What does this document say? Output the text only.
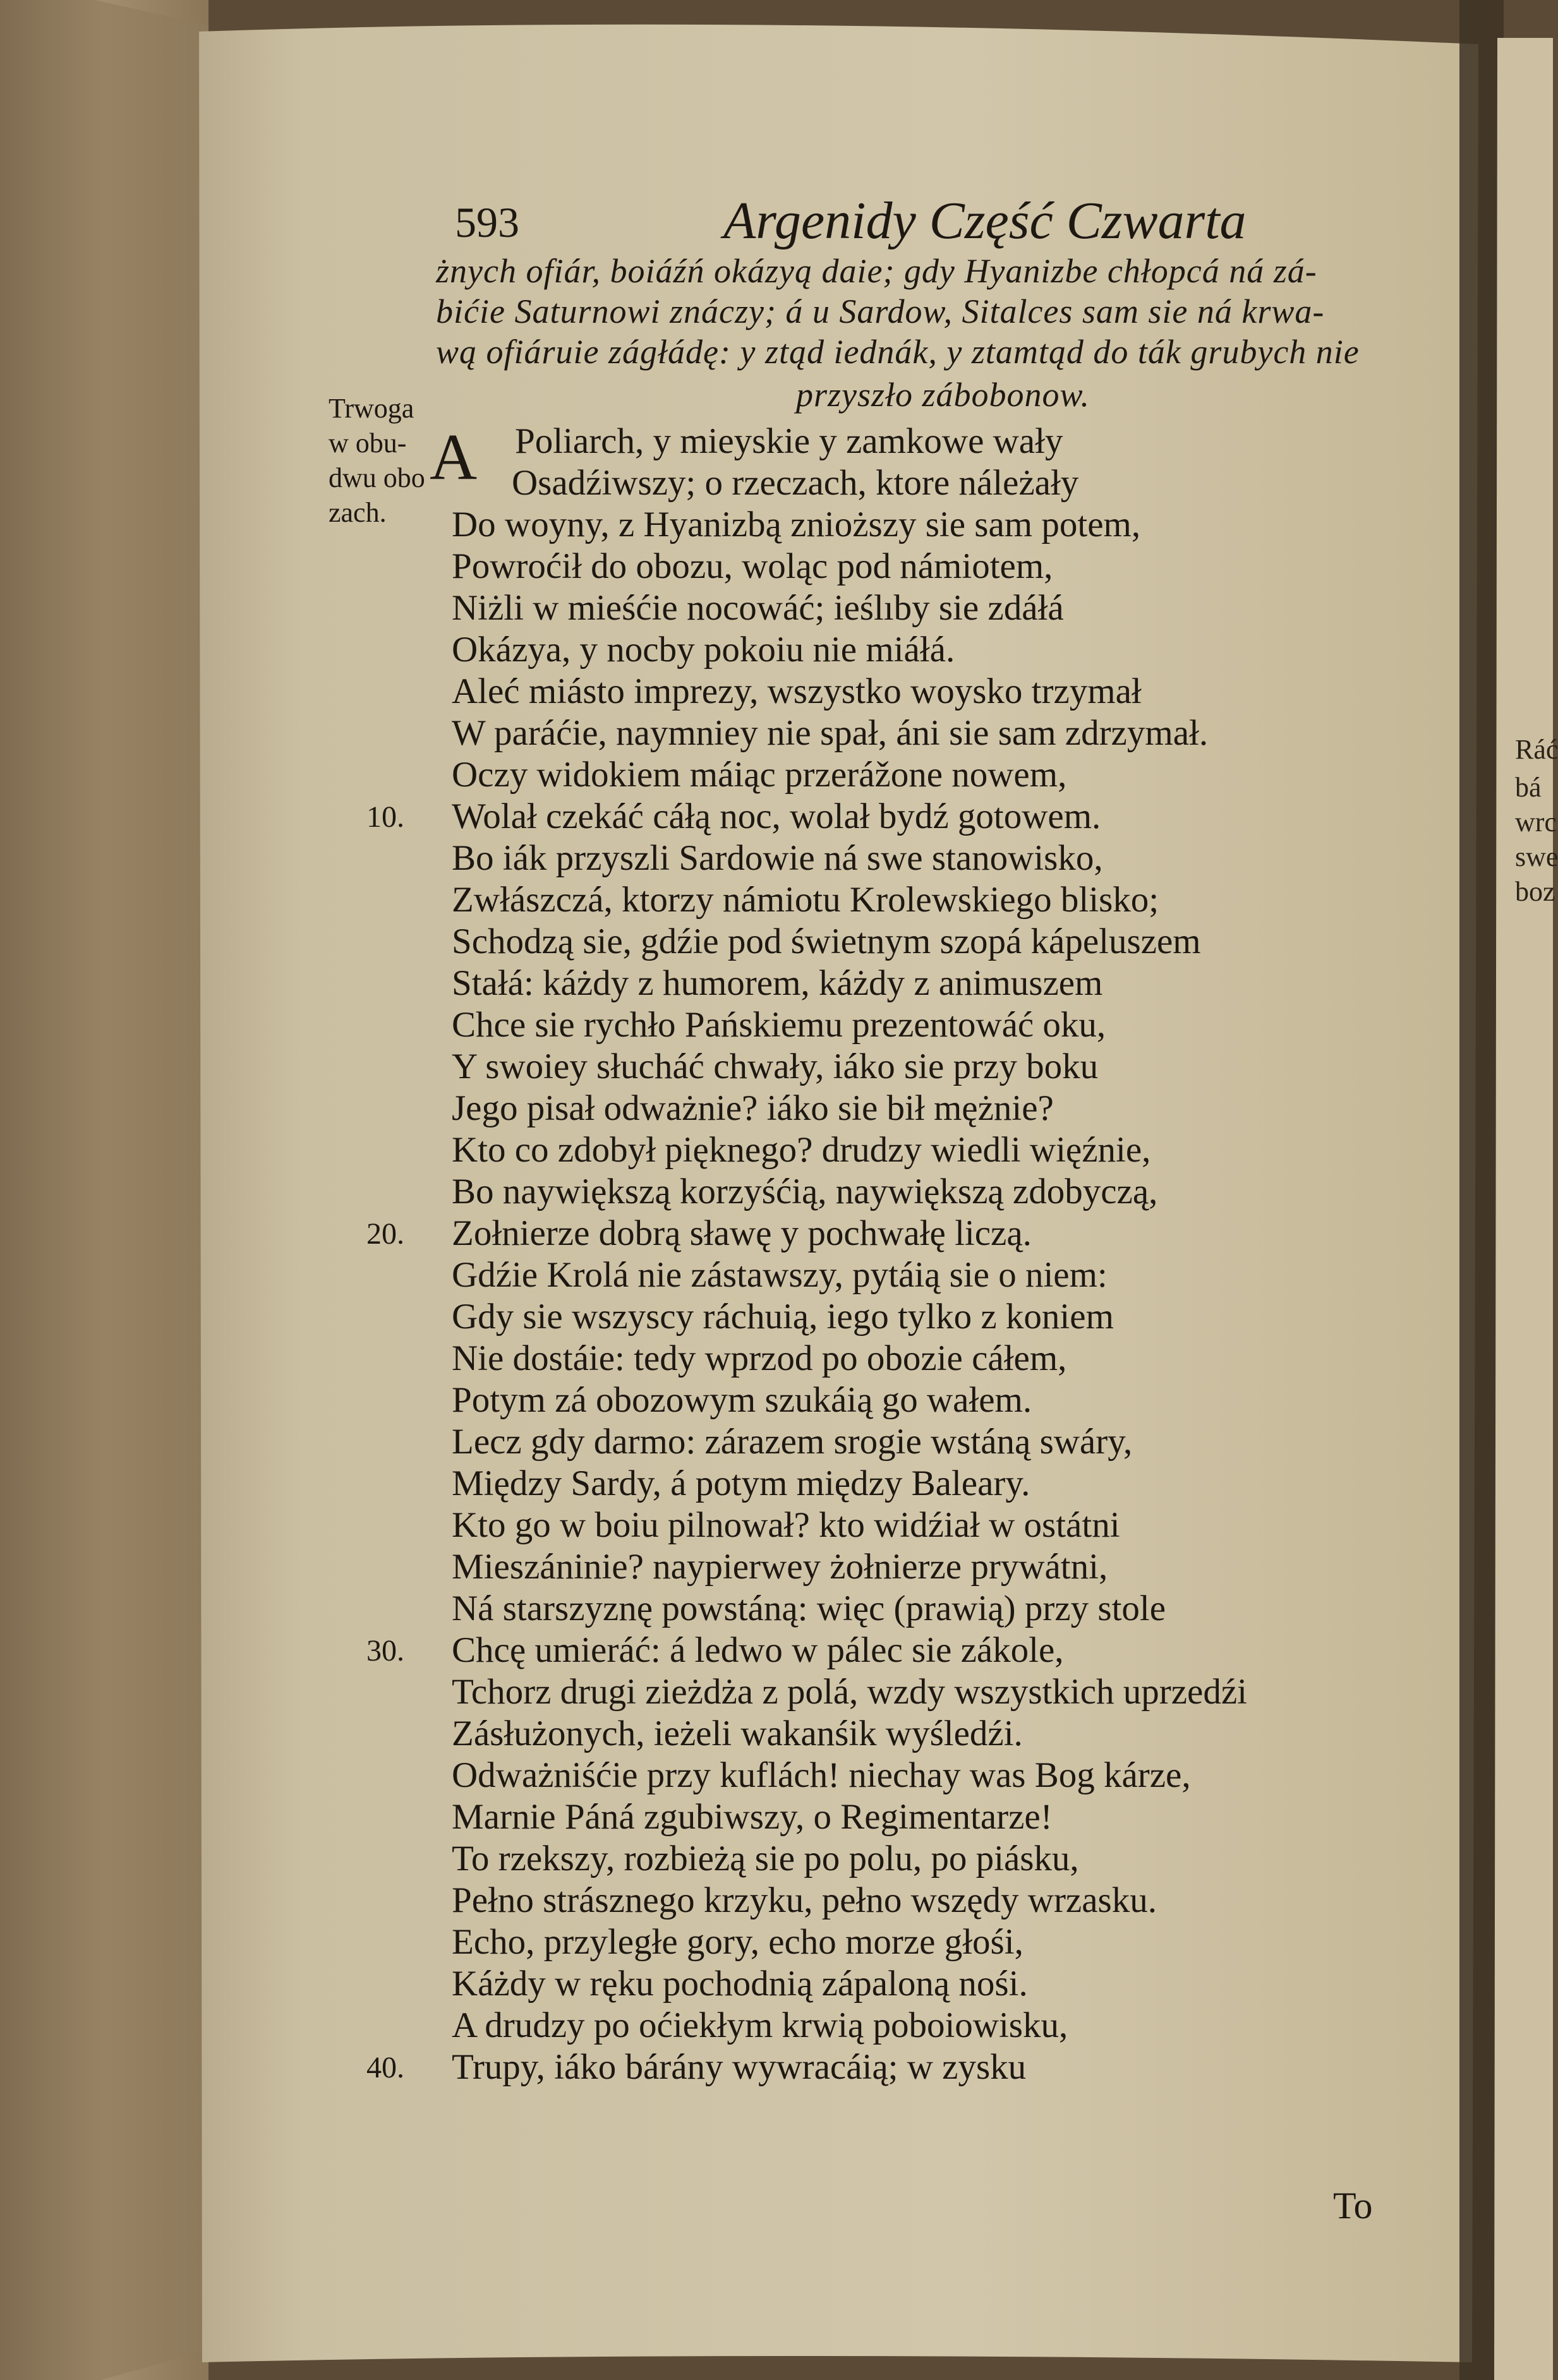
593	Argenidy Część Czwarta
żnych ofiár, boiáźń okázyą daie; gdy Hyanizbe chłopcá ná zá-
bićie Saturnowi znáczy; á u Sardow, Sitalces sam sie ná krwa-
wą ofiáruie zágłádę: y ztąd iednák, y ztamtąd do ták grubych nie
przyszło zábobonow.
Trwoga
w obu-
dwu obo
zach.
A Poliarch, y mieyskie y zamkowe wały
Osadźiwszy; o rzeczach, ktore náleżały
Do woyny, z Hyanizbą znioższy sie sam potem,
Powroćił do obozu, woląc pod námiotem,
Niżli w mieśćie nocowáć; ieślıby sie zdáłá
Okázya, y nocby pokoiu nie miáłá.
Aleć miásto imprezy, wszystko woysko trzymał
W paráćie, naymniey nie spał, áni sie sam zdrzymał.
Oczy widokiem máiąc przerážone nowem,
Wolał czekáć cáłą noc, wolał bydź gotowem.
Bo iák przyszli Sardowie ná swe stanowisko,
Zwłászczá, ktorzy námiotu Krolewskiego blisko;
Schodzą sie, gdźie pod świetnym szopá kápeluszem
Stałá: káżdy z humorem, káżdy z animuszem
Chce sie rychło Pańskiemu prezentowáć oku,
Y swoiey słucháć chwały, iáko sie przy boku
Jego pisał odważnie? iáko sie bił mężnie?
Kto co zdobył pięknego? drudzy wiedli więźnie,
Bo naywiększą korzyśćią, naywiększą zdobyczą,
Zołnierze dobrą sławę y pochwałę liczą.
Gdźie Krolá nie zástawszy, pytáią sie o niem:
Gdy sie wszyscy ráchuią, iego tylko z koniem
Nie dostáie: tedy wprzod po obozie cáłem,
Potym zá obozowym szukáią go wałem.
Lecz gdy darmo: zárazem srogie wstáną swáry,
Między Sardy, á potym między Baleary.
Kto go w boiu pilnował? kto widźiał w ostátni
Mieszáninie? naypierwey żołnierze prywátni,
Ná starszyznę powstáną: więc (prawią) przy stole
Chcę umieráć: á ledwo w pálec sie zákole,
Tchorz drugi zieżdża z polá, wzdy wszystkich uprzedźi
Zásłużonych, ieżeli wakanśik wyśledźi.
Odważniśćie przy kuflách! niechay was Bog kárze,
Marnie Páná zgubiwszy, o Regimentarze!
To rzekszy, rozbieżą sie po polu, po piásku,
Pełno strásznego krzyku, pełno wszędy wrzasku.
Echo, przyległe gory, echo morze głośi,
Káżdy w ręku pochodnią zápaloną nośi.
A drudzy po oćiekłym krwią poboiowisku,
Trupy, iáko bárány wywracáią; w zysku
10.
20.
30.
40.
To
Ráć
bá
wrc
swe
boz
